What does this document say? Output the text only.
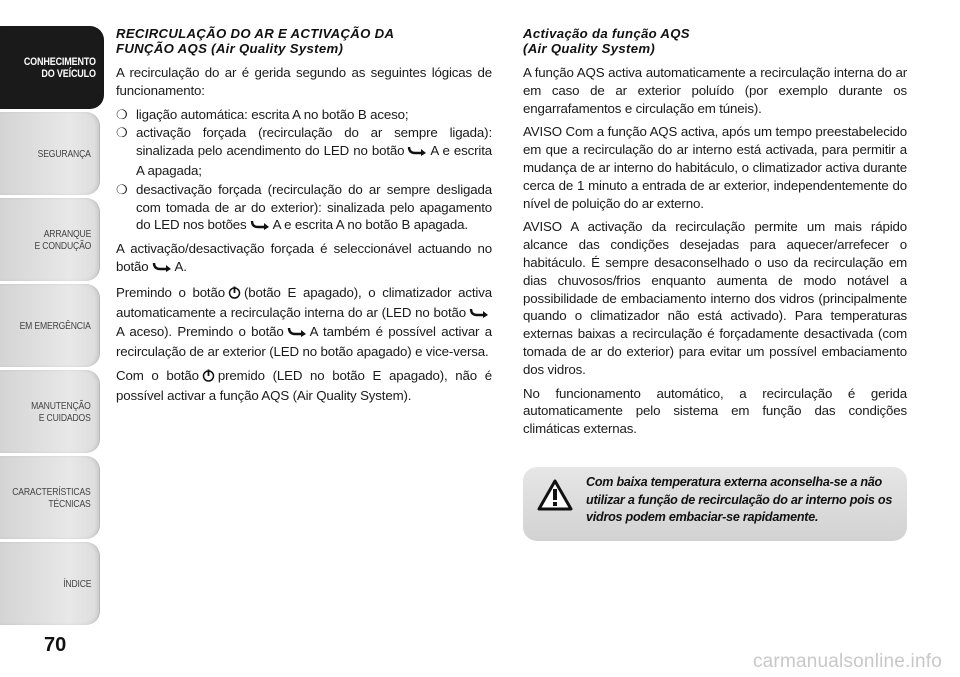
CONHECIMENTO
DO VEÍCULO
SEGURANÇA
ARRANQUE
E CONDUÇÃO
EM EMERGÊNCIA
MANUTENÇÃO
E CUIDADOS
CARACTERÍSTICAS
TÉCNICAS
ÍNDICE
70
RECIRCULAÇÃO DO AR E ACTIVAÇÃO DA
FUNÇÃO AQS (Air Quality System)

A recirculação do ar é gerida segundo as seguintes lógicas de funcionamento:

❍ ligação automática: escrita A no botão B aceso;
❍ activação forçada (recirculação do ar sempre ligada): sinalizada pelo acendimento do LED no botão A e escrita A apagada;
❍ desactivação forçada (recirculação do ar sempre desligada com tomada de ar do exterior): sinalizada pelo apagamento do LED nos botões A e escrita A no botão B apagada.

A activação/desactivação forçada é seleccionável actuando no botão A.

Premindo o botão (botão E apagado), o climatizador activa automaticamente a recirculação interna do ar (LED no botãoA aceso). Premindo o botão A também é possível activar a recirculação de ar exterior (LED no botão apagado) e vice-versa.

Com o botão premido (LED no botão E apagado), não é possível activar a função AQS (Air Quality System).

Activação da função AQS
(Air Quality System)

A função AQS activa automaticamente a recirculação interna do ar em caso de ar exterior poluído (por exemplo durante os engarrafamentos e circulação em túneis).

AVISO Com a função AQS activa, após um tempo preestabelecido em que a recirculação do ar interno está activada, para permitir a mudança de ar interno do habitáculo, o climatizador activa durante cerca de 1 minuto a entrada de ar exterior, independentemente do nível de poluição do ar externo.

AVISO A activação da recirculação permite um mais rápido alcance das condições desejadas para aquecer/arrefecer o habitáculo. É sempre desaconselhado o uso da recirculação em dias chuvosos/frios enquanto aumenta de modo notável a possibilidade de embaciamento interno dos vidros (principalmente quando o climatizador não está activado). Para temperaturas externas baixas a recirculação é forçadamente desactivada (com tomada de ar do exterior) para evitar um possível embaciamento dos vidros.

No funcionamento automático, a recirculação é gerida automaticamente pelo sistema em função das condições climáticas externas.

Com baixa temperatura externa aconselha-se a não utilizar a função de recirculação do ar interno pois os vidros podem embaciar-se rapidamente.
carmanualsonline.info
